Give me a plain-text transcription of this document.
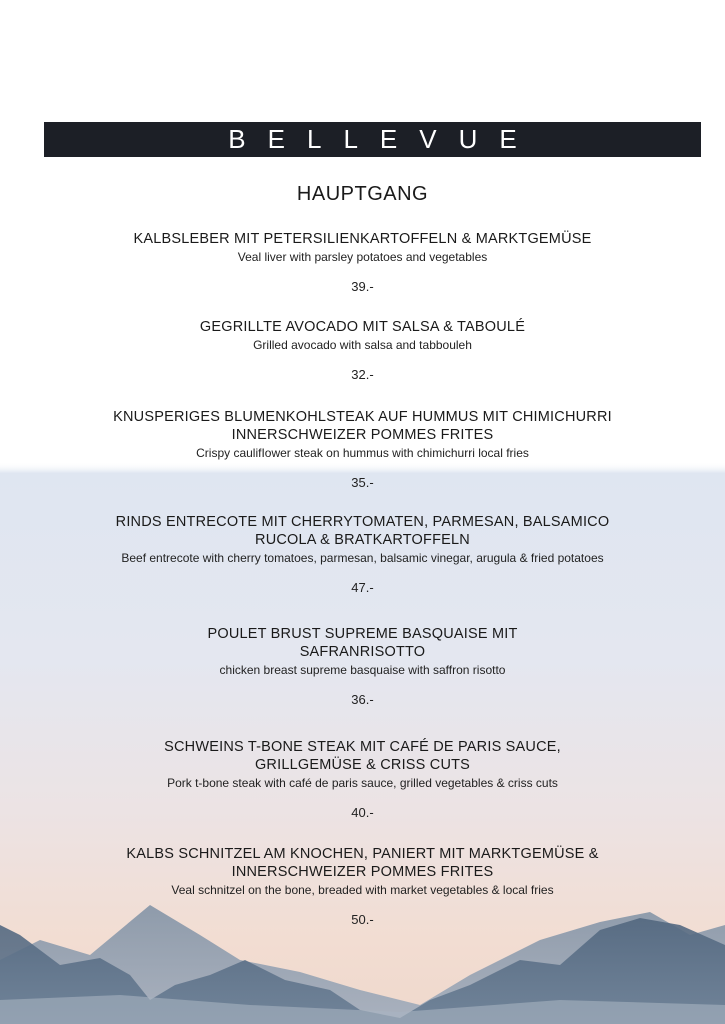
BELLEVUE
HAUPTGANG
KALBSLEBER MIT PETERSILIENKARTOFFELN & MARKTGEMÜSE
Veal liver with parsley potatoes and vegetables
39.-
GEGRILLTE AVOCADO MIT SALSA & TABOULÉ
Grilled avocado with salsa and tabbouleh
32.-
KNUSPERIGES BLUMENKOHLSTEAK AUF HUMMUS MIT CHIMICHURRI
INNERSCHWEIZER POMMES FRITES
Crispy caulifIower steak on hummus with chimichurri local fries
35.-
RINDS ENTRECOTE MIT CHERRYTOMATEN, PARMESAN, BALSAMICO
RUCOLA & BRATKARTOFFELN
Beef entrecote with cherry tomatoes, parmesan, balsamic vinegar, arugula & fried potatoes
47.-
POULET BRUST SUPREME BASQUAISE MIT
SAFRANRISOTTO
chicken breast supreme basquaise with saffron risotto
36.-
SCHWEINS T-BONE STEAK MIT CAFÉ DE PARIS SAUCE,
GRILLGEMÜSE & CRISS CUTS
Pork t-bone steak with café de paris sauce, grilled vegetables & criss cuts
40.-
KALBS SCHNITZEL AM KNOCHEN, PANIERT MIT MARKTGEMÜSE &
INNERSCHWEIZER POMMES FRITES
Veal schnitzel on the bone, breaded with market vegetables & local fries
50.-
